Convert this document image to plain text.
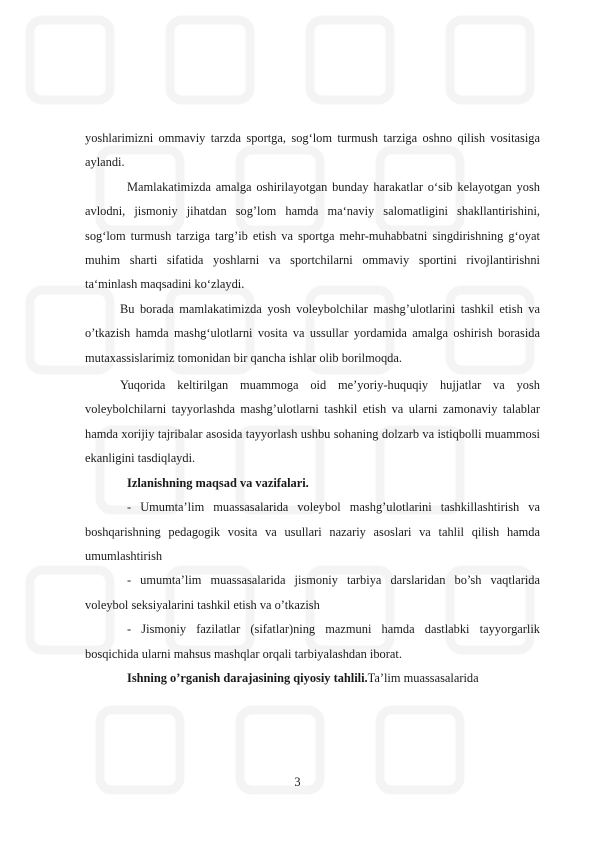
yoshlarimizni ommaviy tarzda sportga, sog‘lom turmush tarziga oshno qilish vositasiga aylandi.

Mamlakatimizda amalga oshirilayotgan bunday harakatlar o‘sib kelayotgan yosh avlodni, jismoniy jihatdan sog’lom hamda ma‘naviy salomatligini shakllantirishini, sog‘lom turmush tarziga targ’ib etish va sportga mehr-muhabbatni singdirishning g‘oyat muhim sharti sifatida yoshlarni va sportchilarni ommaviy sportini rivojlantirishni ta‘minlash maqsadini ko‘zlaydi.

Bu borada mamlakatimizda yosh voleybolchilar mashg’ulotlarini tashkil etish va o’tkazish hamda mashg‘ulotlarni vosita va ussullar yordamida amalga oshirish borasida mutaxassislarimiz tomonidan bir qancha ishlar olib borilmoqda.

Yuqorida keltirilgan muammoga oid me’yoriy-huquqiy hujjatlar va yosh voleybolchilarni tayyorlashda mashg’ulotlarni tashkil etish va ularni zamonaviy talablar hamda xorijiy tajribalar asosida tayyorlash ushbu sohaning dolzarb va istiqbolli muammosi ekanligini tasdiqlaydi.

Izlanishning maqsad va vazifalari.

- Umumta’lim muassasalarida voleybol mashg’ulotlarini tashkillashtirish va boshqarishning pedagogik vosita va usullari nazariy asoslari va tahlil qilish hamda umumlashtirish

- umumta’lim muassasalarida jismoniy tarbiya darslaridan bo’sh vaqtlarida voleybol seksiyalarini tashkil etish va o’tkazish

- Jismoniy fazilatlar (sifatlar)ning mazmuni hamda dastlabki tayyorgarlik bosqichida ularni mahsus mashqlar orqali tarbiyalashdan iborat.

Ishning o’rganish darajasining qiyosiy tahlili.Ta’lim muassasalarida

3
